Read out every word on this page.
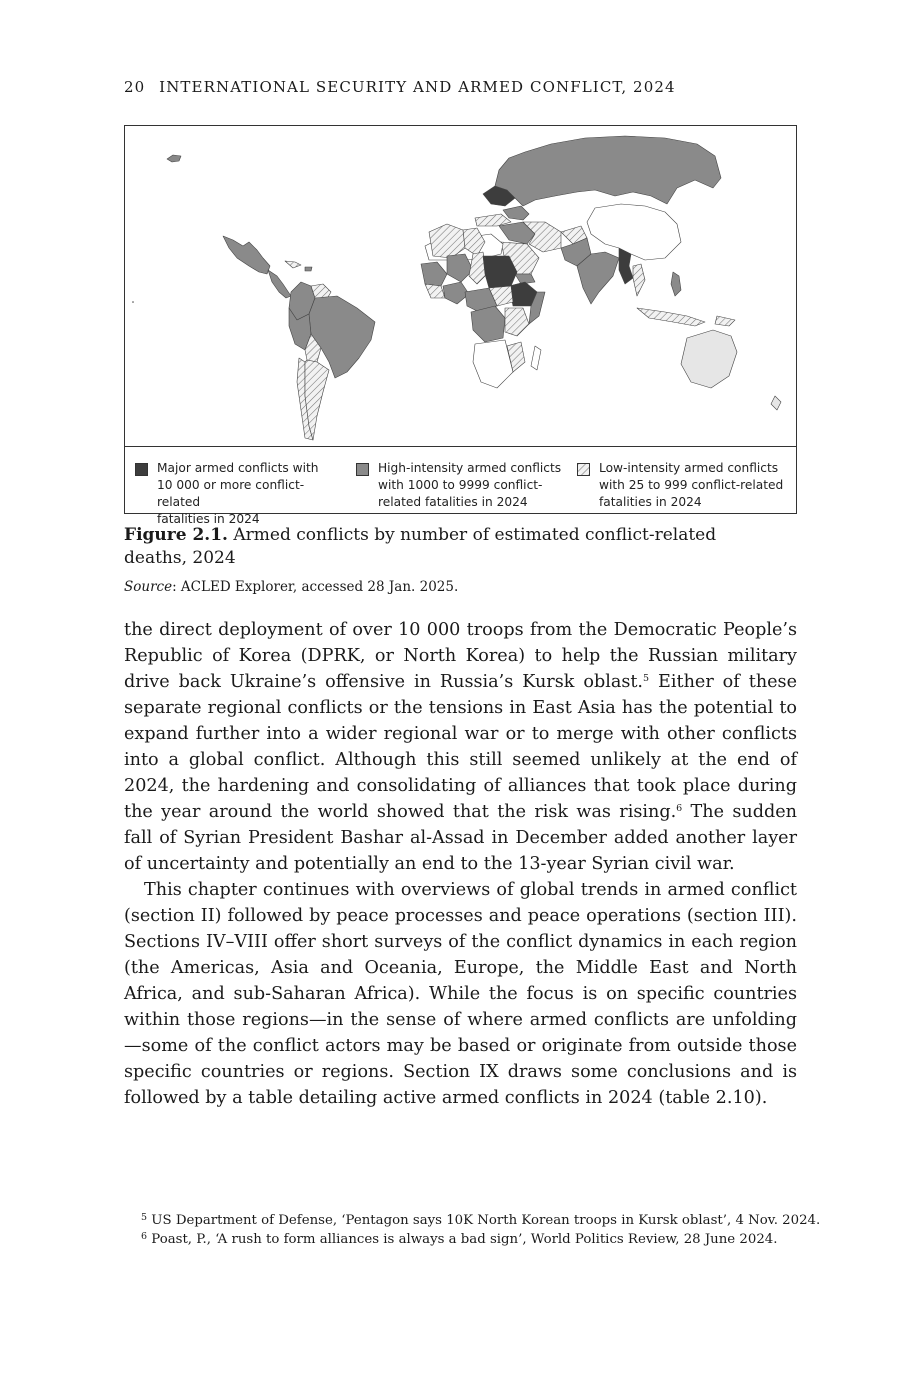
20 INTERNATIONAL SECURITY AND ARMED CONFLICT, 2024
Major armed conflicts with
10 000 or more conflict-related
fatalities in 2024
High-intensity armed conflicts
with 1000 to 9999 conflict-
related fatalities in 2024
Low-intensity armed conflicts
with 25 to 999 conflict-related
fatalities in 2024
Figure 2.1. Armed conflicts by number of estimated conflict-related deaths, 2024
Source: ACLED Explorer, accessed 28 Jan. 2025.

the direct deployment of over 10 000 troops from the Democratic People’s Republic of Korea (DPRK, or North Korea) to help the Russian military drive back Ukraine’s offensive in Russia’s Kursk oblast.$^5$ Either of these separate regional conflicts or the tensions in East Asia has the potential to expand further into a wider regional war or to merge with other conflicts into a global conflict. Although this still seemed unlikely at the end of 2024, the hardening and consolidating of alliances that took place during the year around the world showed that the risk was rising.$^6$ The sudden fall of Syrian President Bashar al-Assad in December added another layer of uncertainty and potentially an end to the 13-year Syrian civil war.

This chapter continues with overviews of global trends in armed conflict (section II) followed by peace processes and peace operations (section III). Sections IV–VIII offer short surveys of the conflict dynamics in each region (the Americas, Asia and Oceania, Europe, the Middle East and North Africa, and sub-Saharan Africa). While the focus is on specific countries within those regions—in the sense of where armed conflicts are unfolding—some of the conflict actors may be based or originate from outside those specific countries or regions. Section IX draws some conclusions and is followed by a table detailing active armed conflicts in 2024 (table 2.10).

$^5$ US Department of Defense, ‘Pentagon says 10K North Korean troops in Kursk oblast’, 4 Nov. 2024.
$^6$ Poast, P., ‘A rush to form alliances is always a bad sign’, World Politics Review, 28 June 2024.
